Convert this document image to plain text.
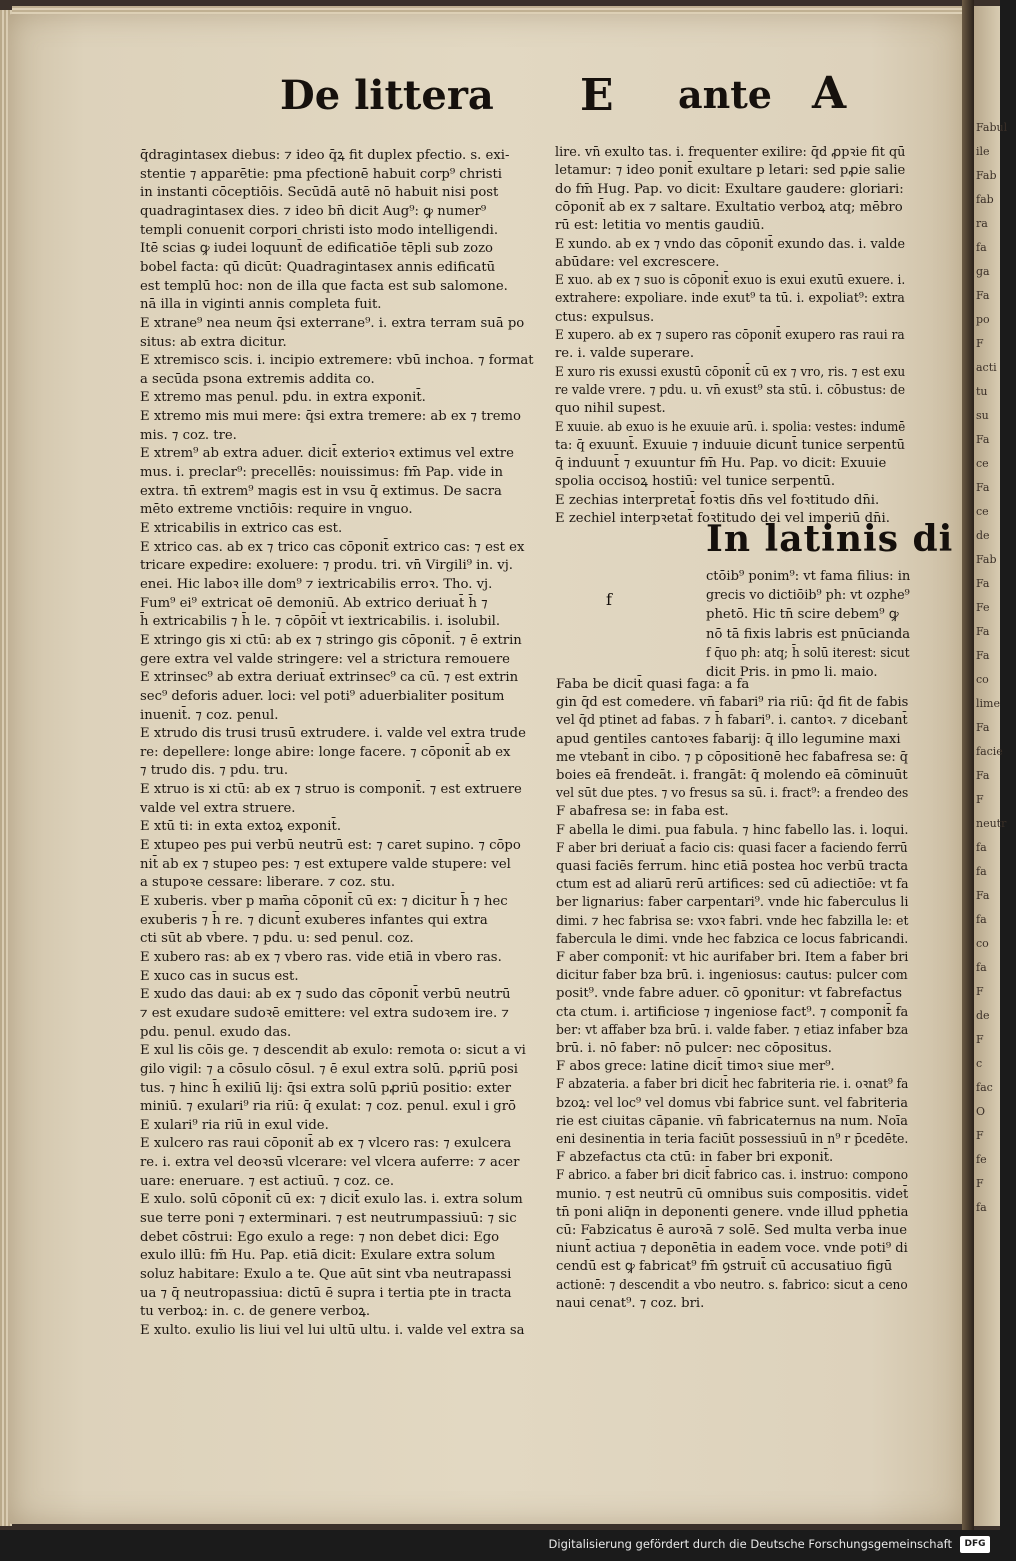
Fabul
ile
Fab
fab
ra
fa
ga
Fa
po
F
acti
tu
su
Fa
ce
Fa
ce
de
Fab
Fa
Fe
Fa
Fa
co
lime
Fa
facie
Fa
F
neutr
fa
fa
Fa
fa
co
fa
F
de
F
c
fac
O
F
fe
F
fa
De littera E ante A
q̄dragintasex diebus: ⁊ ideo q̄ꝝ fit duplex pfectio. s. exi-
stentie ⁊ apparētie: pma pfectionē habuit corp⁹ christi
in instanti cōceptiōis. Secūdā autē nō habuit nisi post
quadragintasex dies. ⁊ ideo bn̄ dicit Aug⁹: ꝙ numer⁹
templi conuenit corpori christi isto modo intelligendi.
Itē scias ꝙ iudei loquunt̄ de edificatiōe tēpli sub zozo
bobel facta: qū dicūt: Quadragintasex annis edificatū
est templū hoc: non de illa que facta est sub salomone.
nā illa in viginti annis completa fuit.
E xtrane⁹ nea neum q̄si exterrane⁹. i. extra terram suā po
situs: ab extra dicitur.
E xtremisco scis. i. incipio extremere: vbū inchoa. ⁊ format
a secūda psona extremis addita co.
E xtremo mas penul. pdu. in extra exponit̄.
E xtremo mis mui mere: q̄si extra tremere: ab ex ⁊ tremo
mis. ⁊ coz. tre.
E xtrem⁹ ab extra aduer. dicit̄ exterioꝛ extimus vel extre
mus. i. preclar⁹: precellēs: nouissimus: fm̄ Pap. vide in
extra. tn̄ extrem⁹ magis est in vsu q̄ extimus. De sacra
mēto extreme vnctiōis: require in vnguo.
E xtricabilis in extrico cas est.
E xtrico cas. ab ex ⁊ trico cas cōponit̄ extrico cas: ⁊ est ex
tricare expedire: exoluere: ⁊ produ. tri. vn̄ Virgili⁹ in. vj.
enei. Hic laboꝛ ille dom⁹ ⁊ iextricabilis erroꝛ. Tho. vj.
Fum⁹ ei⁹ extricat oē demoniū. Ab extrico deriuat̄ h̄ ⁊
h̄ extricabilis ⁊ h̄ le. ⁊ cōpōit̄ vt iextricabilis. i. isolubil.
E xtringo gis xi ctū: ab ex ⁊ stringo gis cōponit̄. ⁊ ē extrin
gere extra vel valde stringere: vel a strictura remouere
E xtrinsec⁹ ab extra deriuat̄ extrinsec⁹ ca cū. ⁊ est extrin
sec⁹ deforis aduer. loci: vel poti⁹ aduerbialiter positum
inuenit̄. ⁊ coz. penul.
E xtrudo dis trusi trusū extrudere. i. valde vel extra trude
re: depellere: longe abire: longe facere. ⁊ cōponit̄ ab ex
⁊ trudo dis. ⁊ pdu. tru.
E xtruo is xi ctū: ab ex ⁊ struo is componit̄. ⁊ est extruere
valde vel extra struere.
E xtū ti: in exta extoꝝ exponit̄.
E xtupeo pes pui verbū neutrū est: ⁊ caret supino. ⁊ cōpo
nit̄ ab ex ⁊ stupeo pes: ⁊ est extupere valde stupere: vel
a stupoꝛe cessare: liberare. ⁊ coz. stu.
E xuberis. vber p mam̄a cōponit̄ cū ex: ⁊ dicitur h̄ ⁊ hec
exuberis ⁊ h̄ re. ⁊ dicunt̄ exuberes infantes qui extra
cti sūt ab vbere. ⁊ pdu. u: sed penul. coz.
E xubero ras: ab ex ⁊ vbero ras. vide etiā in vbero ras.
E xuco cas in sucus est.
E xudo das daui: ab ex ⁊ sudo das cōponit̄ verbū neutrū
⁊ est exudare sudoꝛē emittere: vel extra sudoꝛem ire. ⁊
pdu. penul. exudo das.
E xul lis cōis ge. ⁊ descendit ab exulo: remota o: sicut a vi
gilo vigil: ⁊ a cōsulo cōsul. ⁊ ē exul extra solū. pꝓriū posi
tus. ⁊ hinc h̄ exiliū lij: q̄si extra solū pꝓriū positio: exter
miniū. ⁊ exulari⁹ ria riū: q̄ exulat: ⁊ coz. penul. exul i grō
E xulari⁹ ria riū in exul vide.
E xulcero ras raui cōponit̄ ab ex ⁊ vlcero ras: ⁊ exulcera
re. i. extra vel deoꝛsū vlcerare: vel vlcera auferre: ⁊ acer
uare: eneruare. ⁊ est actiuū. ⁊ coz. ce.
E xulo. solū cōponit̄ cū ex: ⁊ dicit̄ exulo las. i. extra solum
sue terre poni ⁊ exterminari. ⁊ est neutrumpassiuū: ⁊ sic
debet cōstrui: Ego exulo a rege: ⁊ non debet dici: Ego
exulo illū: fm̄ Hu. Pap. etiā dicit: Exulare extra solum
soluz habitare: Exulo a te. Que aūt sint vba neutrapassi
ua ⁊ q̄ neutropassiua: dictū ē supra i tertia pte in tracta
tu verboꝝ: in. c. de genere verboꝝ.
E xulto. exulio lis liui vel lui ultū ultu. i. valde vel extra sa
lire. vn̄ exulto tas. i. frequenter exilire: q̄d ꝓpꝛie fit qū
letamur: ⁊ ideo ponit̄ exultare p letari: sed pꝓie salie
do fm̄ Hug. Pap. vo dicit: Exultare gaudere: gloriari:
cōponit̄ ab ex ⁊ saltare. Exultatio verboꝝ atq; mēbro
rū est: letitia vo mentis gaudiū.
E xundo. ab ex ⁊ vndo das cōponit̄ exundo das. i. valde
abūdare: vel excrescere.
E xuo. ab ex ⁊ suo is cōponit̄ exuo is exui exutū exuere. i.
extrahere: expoliare. inde exut⁹ ta tū. i. expoliat⁹: extra
ctus: expulsus.
E xupero. ab ex ⁊ supero ras cōponit̄ exupero ras raui ra
re. i. valde superare.
E xuro ris exussi exustū cōponit̄ cū ex ⁊ vro, ris. ⁊ est exu
re valde vrere. ⁊ pdu. u. vn̄ exust⁹ sta stū. i. cōbustus: de
quo nihil supest.
E xuuie. ab exuo is he exuuie arū. i. spolia: vestes: indumē
ta: q̄ exuunt̄. Exuuie ⁊ induuie dicunt̄ tunice serpentū
q̄ induunt̄ ⁊ exuuntur fm̄ Hu. Pap. vo dicit: Exuuie
spolia occisoꝝ hostiū: vel tunice serpentū.
E zechias interpretat̄ foꝛtis dn̄s vel foꝛtitudo dn̄i.
E zechiel interpꝛetat̄ foꝛtitudo dei vel imperiū dn̄i.
In latinis di
ctōib⁹ ponim⁹: vt fama filius: in
grecis vo dictiōib⁹ ph: vt ozphe⁹
phetō. Hic tn̄ scire debem⁹ ꝙ
nō tā fixis labris est pnūcianda
f q̄uo ph: atq; h̄ solū iterest: sicut
dicit Pris. in pmo li. maio.
f
Faba be dicit̄ quasi faga: a fa
gin q̄d est comedere. vn̄ fabari⁹ ria riū: q̄d fit de fabis
vel q̄d ptinet ad fabas. ⁊ h̄ fabari⁹. i. cantoꝛ. ⁊ dicebant̄
apud gentiles cantoꝛes fabarij: q̄ illo legumine maxi
me vtebant̄ in cibo. ⁊ p cōpositionē hec fabafresa se: q̄
boies eā frendeāt. i. frangāt: q̄ molendo eā cōminuūt
vel sūt due ptes. ⁊ vo fresus sa sū. i. fract⁹: a frendeo des
F abafresa se: in faba est.
F abella le dimi. pua fabula. ⁊ hinc fabello las. i. loqui.
F aber bri deriuat̄ a facio cis: quasi facer a faciendo ferrū
quasi faciēs ferrum. hinc etiā postea hoc verbū tracta
ctum est ad aliarū rerū artifices: sed cū adiectiōe: vt fa
ber lignarius: faber carpentari⁹. vnde hic faberculus li
dimi. ⁊ hec fabrisa se: vxoꝛ fabri. vnde hec fabzilla le: et
fabercula le dimi. vnde hec fabzica ce locus fabricandi.
F aber componit̄: vt hic aurifaber bri. Item a faber bri
dicitur faber bza brū. i. ingeniosus: cautus: pulcer com
posit⁹. vnde fabre aduer. cō ꝯponitur: vt fabrefactus
cta ctum. i. artificiose ⁊ ingeniose fact⁹. ⁊ componit̄ fa
ber: vt affaber bza brū. i. valde faber. ⁊ etiaz infaber bza
brū. i. nō faber: nō pulcer: nec cōpositus.
F abos grece: latine dicit̄ timoꝛ siue mer⁹.
F abzateria. a faber bri dicit̄ hec fabriteria rie. i. oꝛnat⁹ fa
bzoꝝ: vel loc⁹ vel domus vbi fabrice sunt. vel fabriteria
rie est ciuitas cāpanie. vn̄ fabricaternus na num. Noīa
eni desinentia in teria faciūt possessiuū in n⁹ r p̄cedēte.
F abzefactus cta ctū: in faber bri exponit̄.
F abrico. a faber bri dicit̄ fabrico cas. i. instruo: compono
munio. ⁊ est neutrū cū omnibus suis compositis. videt̄
tn̄ poni aliq̄n in deponenti genere. vnde illud pphetia
cū: Fabzicatus ē auroꝛā ⁊ solē. Sed multa verba inue
niunt̄ actiua ⁊ deponētia in eadem voce. vnde poti⁹ di
cendū est ꝙ fabricat⁹ fm̄ ꝯstruit̄ cū accusatiuo figū
actionē: ⁊ descendit a vbo neutro. s. fabrico: sicut a ceno
naui cenat⁹. ⁊ coz. bri.
Digitalisierung gefördert durch die Deutsche Forschungsgemeinschaft	DFG
